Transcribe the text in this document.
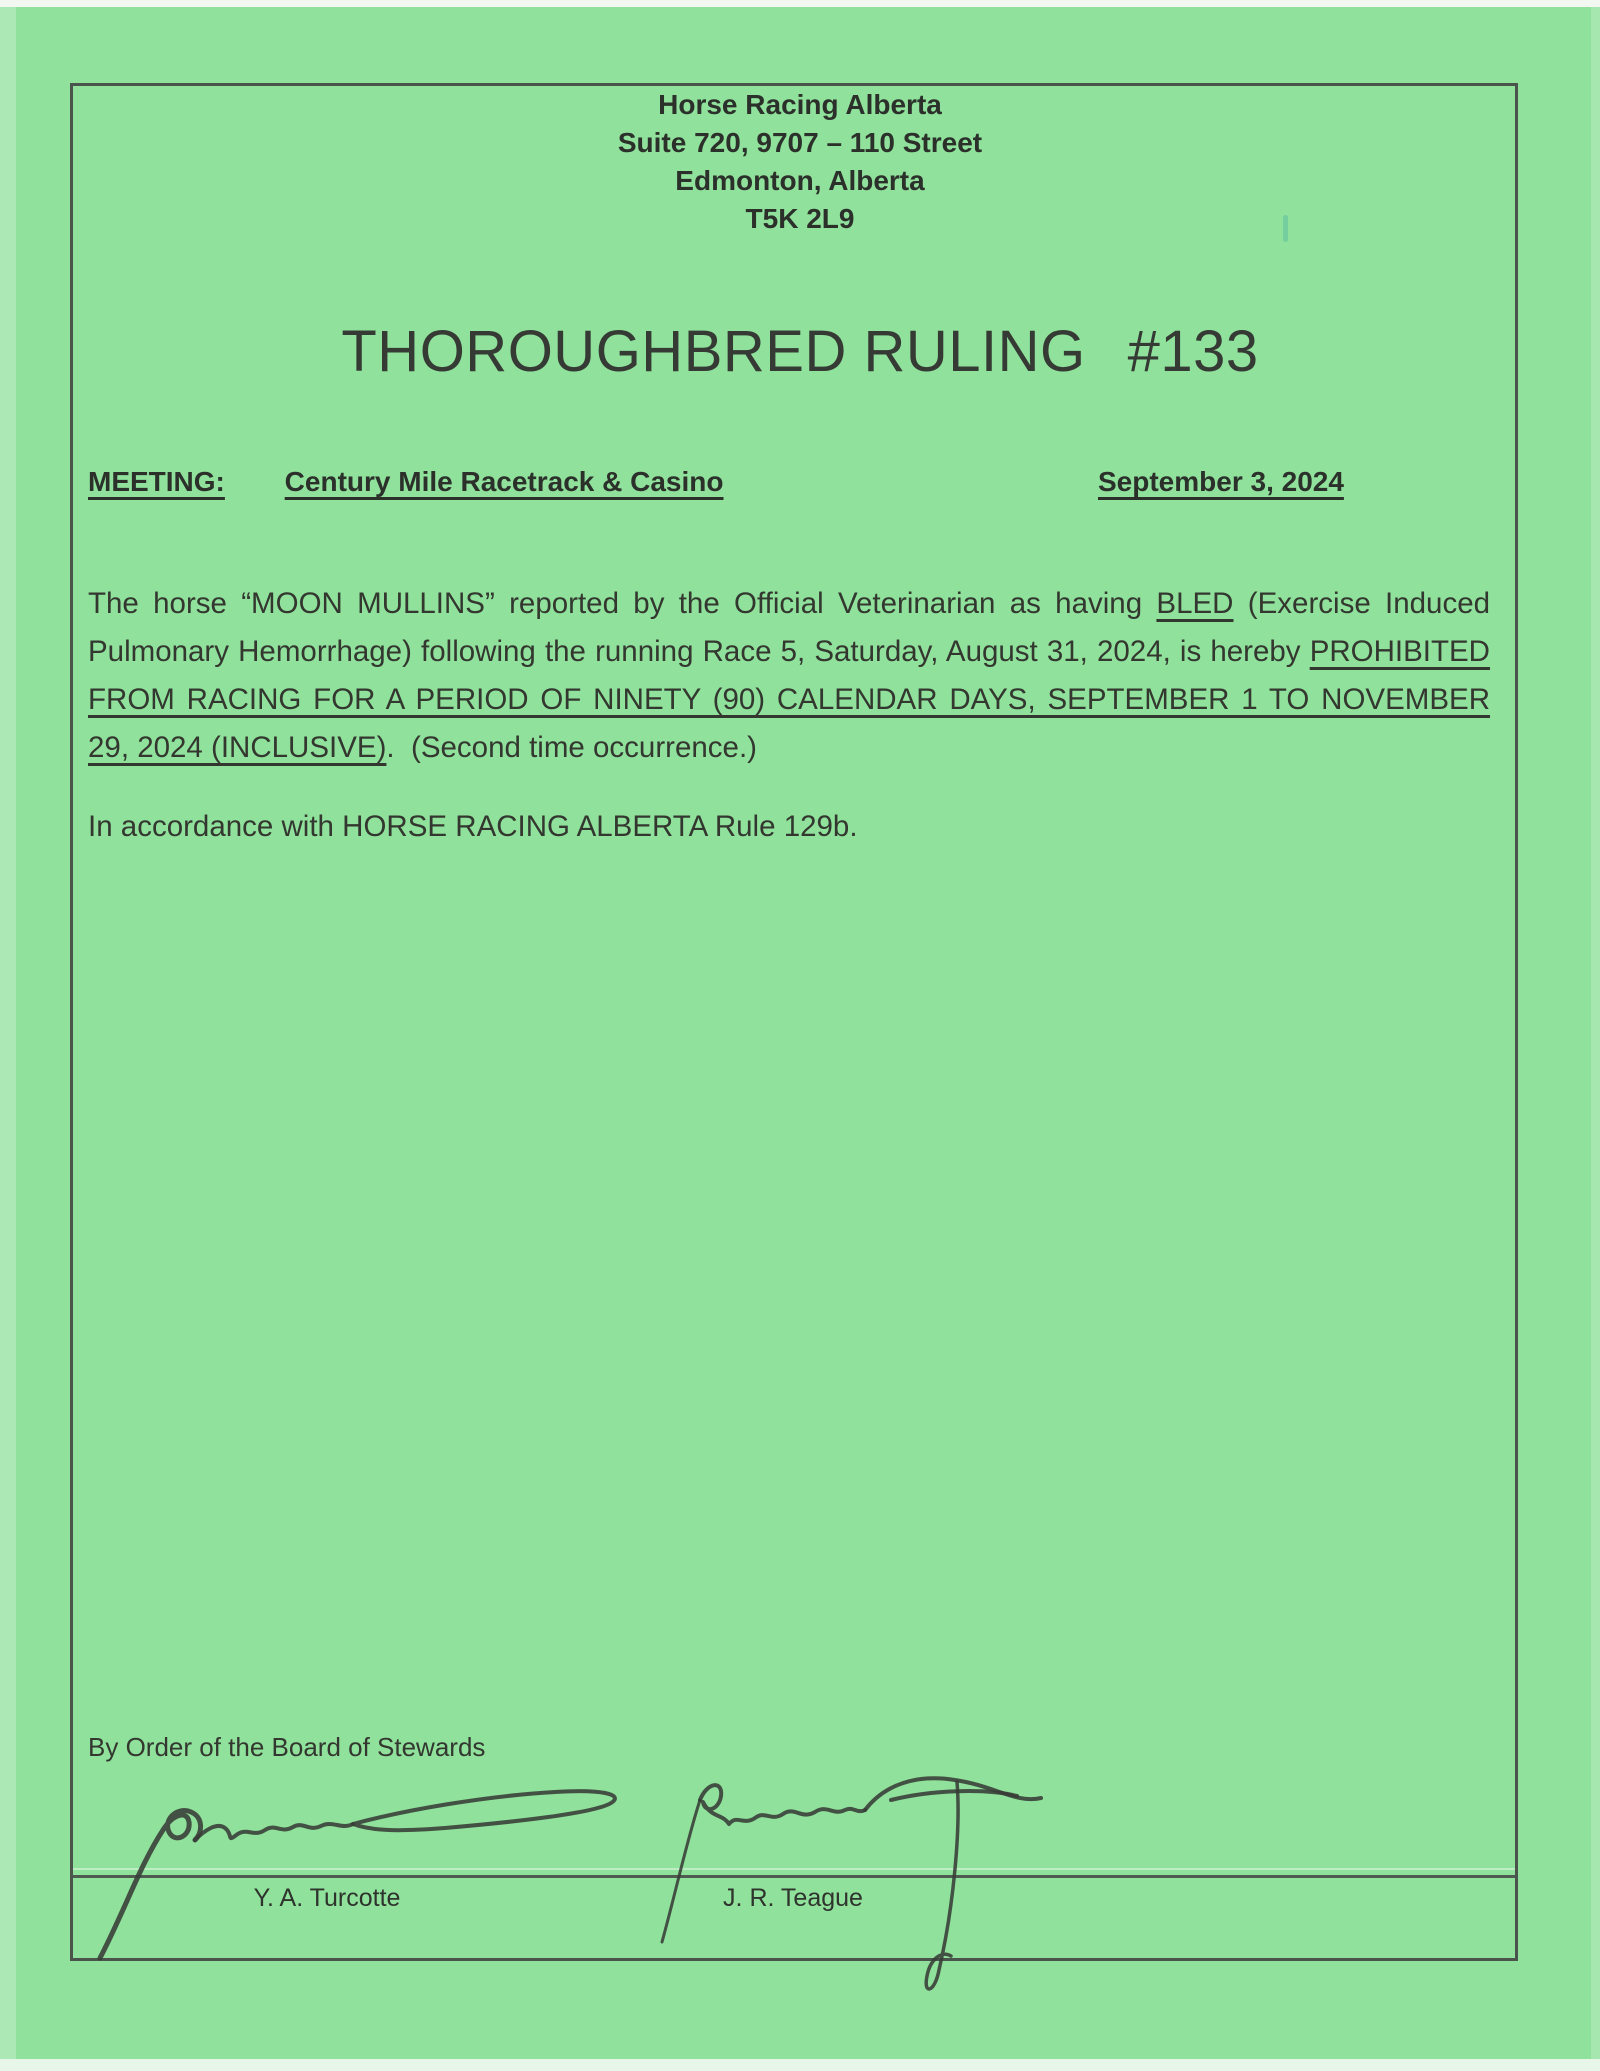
Horse Racing Alberta
Suite 720, 9707 – 110 Street
Edmonton, Alberta
T5K 2L9
THOROUGHBRED RULING #133
MEETING: Century Mile Racetrack & Casino	September 3, 2024

The horse “MOON MULLINS” reported by the Official Veterinarian as having BLED (Exercise Induced Pulmonary Hemorrhage) following the running Race 5, Saturday, August 31, 2024, is hereby PROHIBITED FROM RACING FOR A PERIOD OF NINETY (90) CALENDAR DAYS, SEPTEMBER 1 TO NOVEMBER 29, 2024 (INCLUSIVE).  (Second time occurrence.)

In accordance with HORSE RACING ALBERTA Rule 129b.
By Order of the Board of Stewards
Y. A. Turcotte	J. R. Teague
